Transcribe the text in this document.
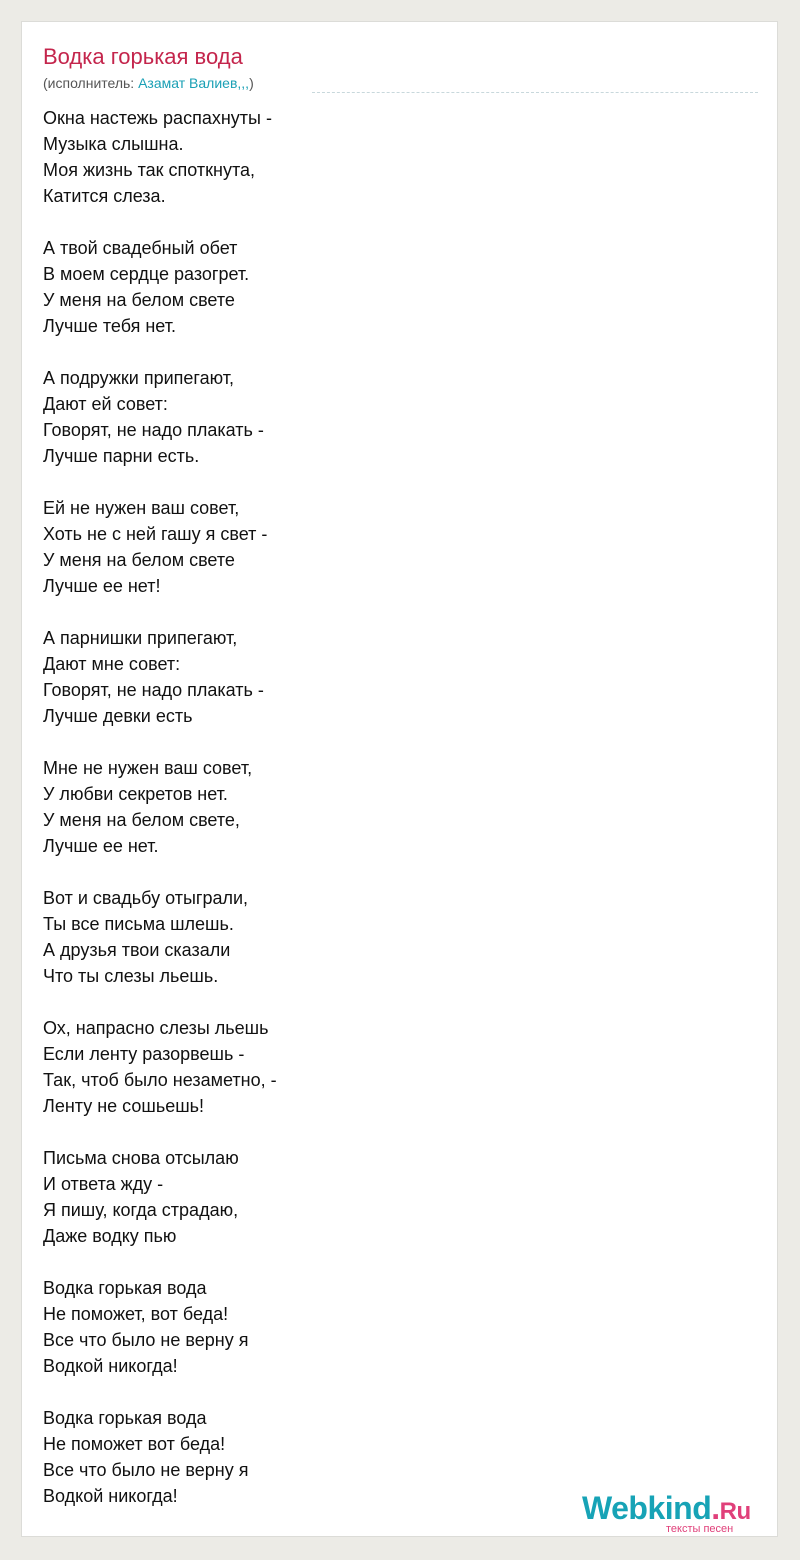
Водка горькая вода
(исполнитель: Азамат Валиев,,,)
Окна настежь распахнуты -
Музыка слышна.
Моя жизнь так споткнута,
Катится слеза.
А твой свадебный обет
В моем сердце разогрет.
У меня на белом свете
Лучше тебя нет.
А подружки припегают,
Дают ей совет:
Говорят, не надо плакать -
Лучше парни есть.
Ей не нужен ваш совет,
Хоть не с ней гашу я свет -
У меня на белом свете
Лучше ее нет!
А парнишки припегают,
Дают мне совет:
Говорят, не надо плакать -
Лучше девки есть
Мне не нужен ваш совет,
У любви секретов нет.
У меня на белом свете,
Лучше ее нет.
Вот и свадьбу отыграли,
Ты все письма шлешь.
А друзья твои сказали
Что ты слезы льешь.
Ох, напрасно слезы льешь
Если ленту разорвешь -
Так, чтоб было незаметно, -
Ленту не сошьешь!
Письма снова отсылаю
И ответа жду -
Я пишу, когда страдаю,
Даже водку пью
Водка горькая вода
Не поможет, вот беда!
Все что было не верну я
Водкой никогда!
Водка горькая вода
Не поможет вот беда!
Все что было не верну я
Водкой никогда!	Webkind.Ru
тексты песен
